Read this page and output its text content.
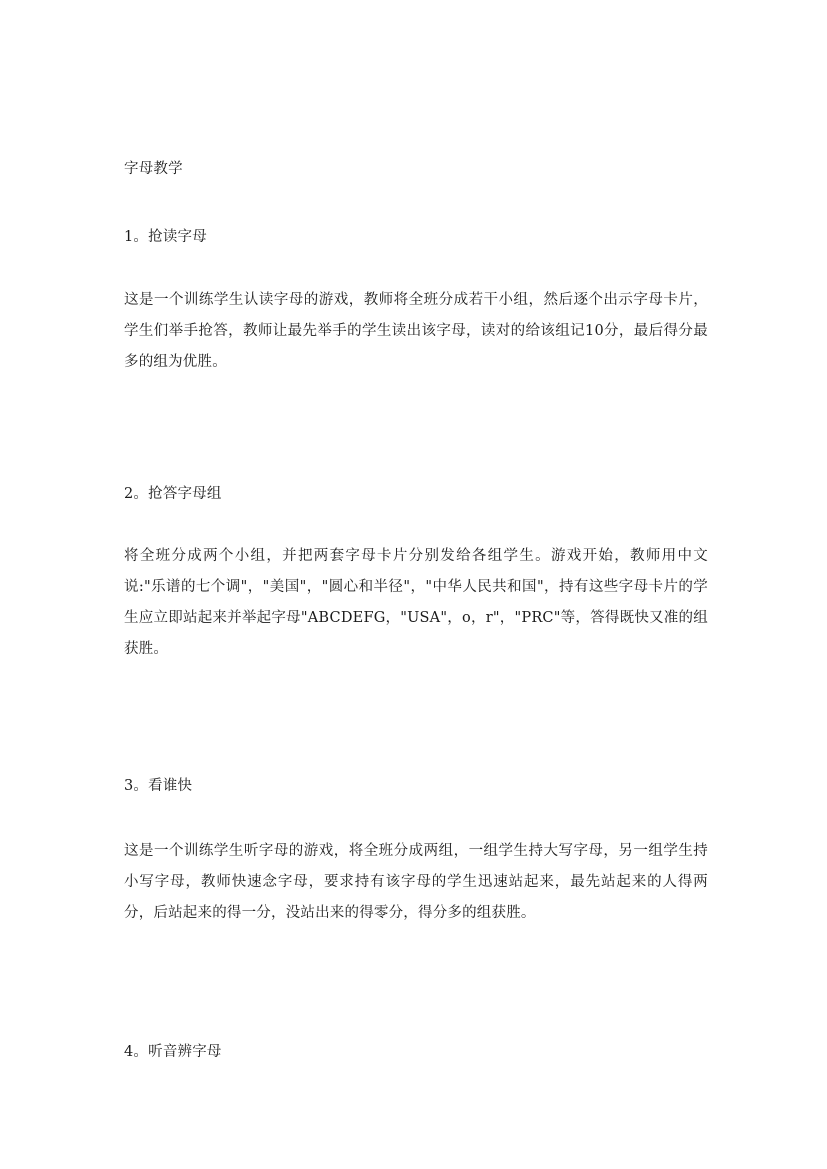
字母教学
1。抢读字母

这是一个训练学生认读字母的游戏，教师将全班分成若干小组，然后逐个出示字母卡片，学生们举手抢答，教师让最先举手的学生读出该字母，读对的给该组记10分，最后得分最多的组为优胜。

2。抢答字母组

将全班分成两个小组，并把两套字母卡片分别发给各组学生。游戏开始，教师用中文说:"乐谱的七个调"，"美国"，"圆心和半径"，"中华人民共和国"，持有这些字母卡片的学生应立即站起来并举起字母"ABCDEFG，"USA"，o，r"，"PRC"等，答得既快又准的组获胜。

3。看谁快

这是一个训练学生听字母的游戏，将全班分成两组，一组学生持大写字母，另一组学生持小写字母，教师快速念字母，要求持有该字母的学生迅速站起来，最先站起来的人得两分，后站起来的得一分，没站出来的得零分，得分多的组获胜。

4。听音辨字母
